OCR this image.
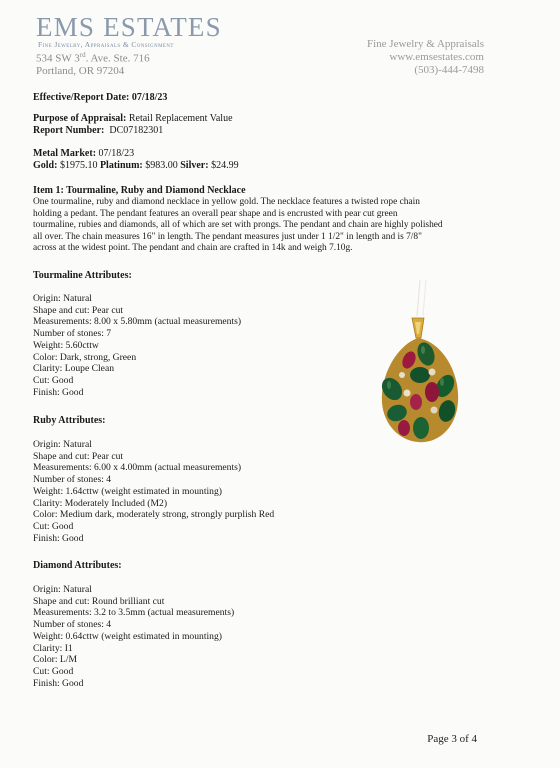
EMS ESTATES
Fine Jewelry, Appraisals & Consignment
534 SW 3rd. Ave. Ste. 716
Portland, OR 97204
Fine Jewelry & Appraisals
www.emsestates.com
(503)-444-7498
Effective/Report Date: 07/18/23
Purpose of Appraisal: Retail Replacement Value
Report Number: DC07182301
Metal Market: 07/18/23
Gold: $1975.10 Platinum: $983.00 Silver: $24.99
Item 1: Tourmaline, Ruby and Diamond Necklace
One tourmaline, ruby and diamond necklace in yellow gold. The necklace features a twisted rope chain
holding a pedant. The pendant features an overall pear shape and is encrusted with pear cut green
tourmaline, rubies and diamonds, all of which are set with prongs. The pendant and chain are highly polished
all over. The chain measures 16" in length. The pendant measures just under 1 1/2" in length and is 7/8"
across at the widest point. The pendant and chain are crafted in 14k and weigh 7.10g.
Tourmaline Attributes:
Origin: Natural
Shape and cut: Pear cut
Measurements: 8.00 x 5.80mm (actual measurements)
Number of stones: 7
Weight: 5.60cttw
Color: Dark, strong, Green
Clarity: Loupe Clean
Cut: Good
Finish: Good
Ruby Attributes:
Origin: Natural
Shape and cut: Pear cut
Measurements: 6.00 x 4.00mm (actual measurements)
Number of stones: 4
Weight: 1.64cttw (weight estimated in mounting)
Clarity: Moderately Included (M2)
Color: Medium dark, moderately strong, strongly purplish Red
Cut: Good
Finish: Good
Diamond Attributes:
Origin: Natural
Shape and cut: Round brilliant cut
Measurements: 3.2 to 3.5mm (actual measurements)
Number of stones: 4
Weight: 0.64cttw (weight estimated in mounting)
Clarity: I1
Color: L/M
Cut: Good
Finish: Good
Page 3 of 4
